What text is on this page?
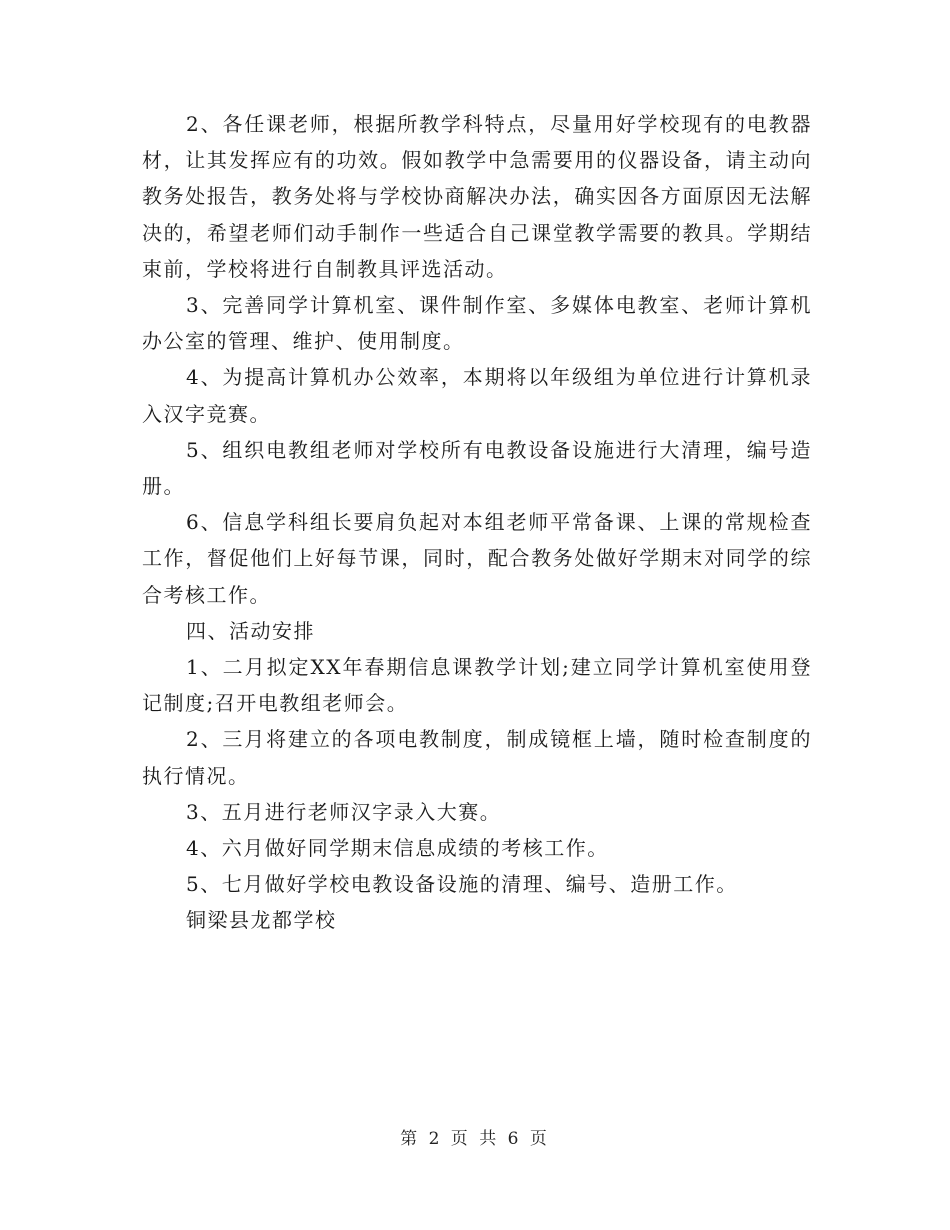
2、各任课老师，根据所教学科特点，尽量用好学校现有的电教器材，让其发挥应有的功效。假如教学中急需要用的仪器设备，请主动向教务处报告，教务处将与学校协商解决办法，确实因各方面原因无法解决的，希望老师们动手制作一些适合自己课堂教学需要的教具。学期结束前，学校将进行自制教具评选活动。

3、完善同学计算机室、课件制作室、多媒体电教室、老师计算机办公室的管理、维护、使用制度。

4、为提高计算机办公效率，本期将以年级组为单位进行计算机录入汉字竞赛。

5、组织电教组老师对学校所有电教设备设施进行大清理，编号造册。

6、信息学科组长要肩负起对本组老师平常备课、上课的常规检查工作，督促他们上好每节课，同时，配合教务处做好学期末对同学的综合考核工作。

四、活动安排

1、二月拟定XX年春期信息课教学计划;建立同学计算机室使用登记制度;召开电教组老师会。

2、三月将建立的各项电教制度，制成镜框上墙，随时检查制度的执行情况。

3、五月进行老师汉字录入大赛。

4、六月做好同学期末信息成绩的考核工作。

5、七月做好学校电教设备设施的清理、编号、造册工作。

铜梁县龙都学校

第 2 页 共 6 页
